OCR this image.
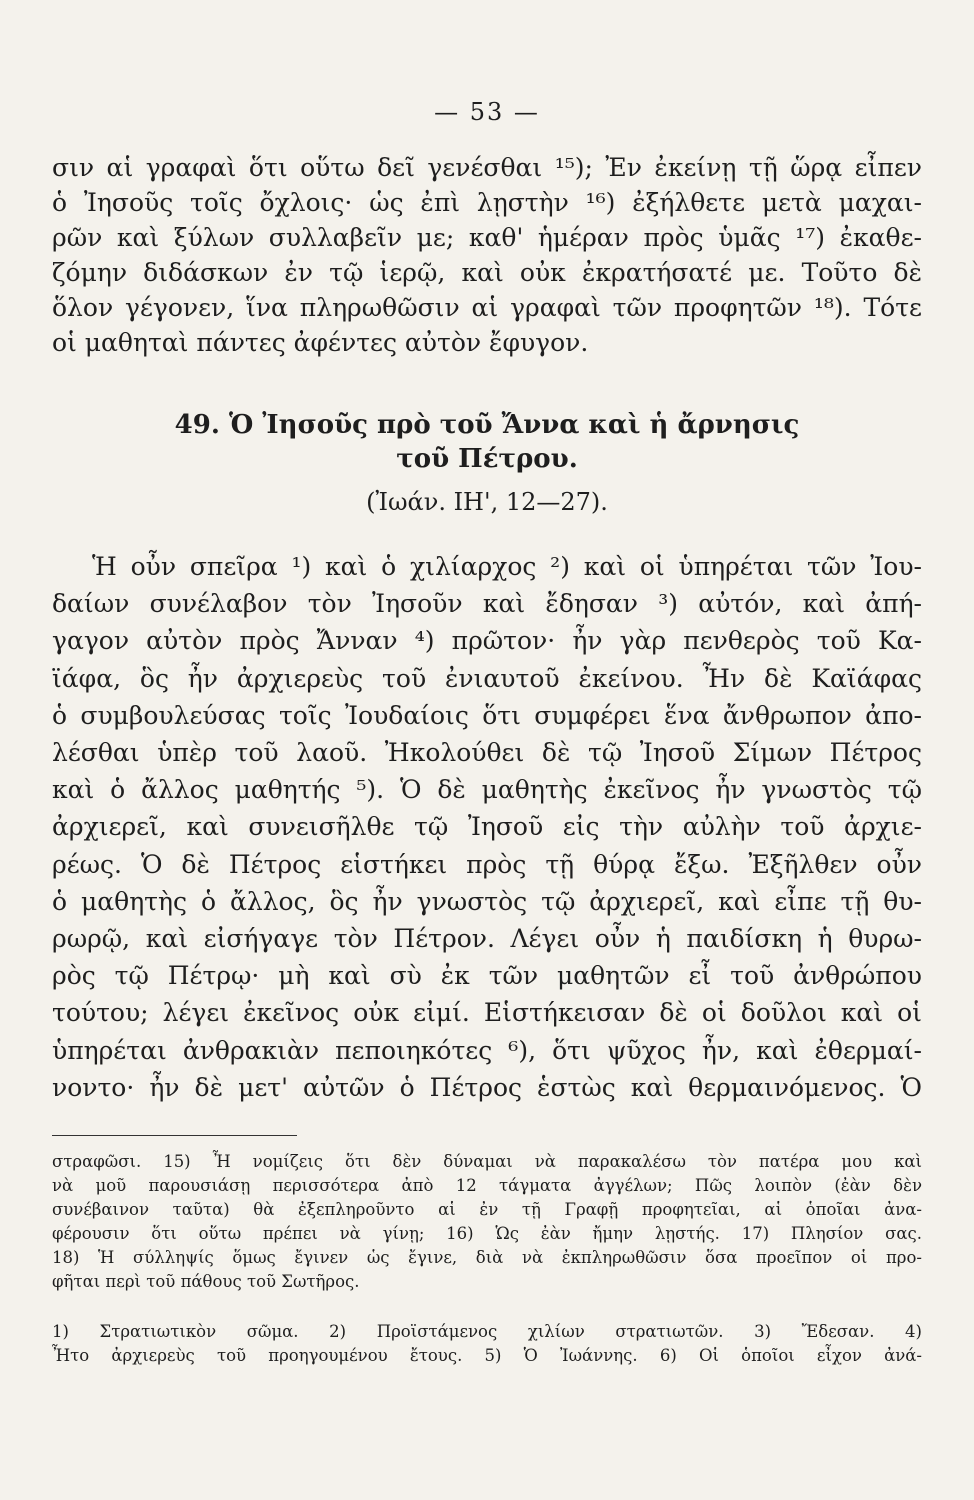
— 53 —
σιν αἱ γραφαὶ ὅτι οὕτω δεῖ γενέσθαι ¹⁵); Ἐν ἐκείνῃ τῇ ὥρᾳ εἶπεν
ὁ Ἰησοῦς τοῖς ὄχλοις· ὡς ἐπὶ λῃστὴν ¹⁶) ἐξήλθετε μετὰ μαχαι-
ρῶν καὶ ξύλων συλλαβεῖν με; καθ' ἡμέραν πρὸς ὑμᾶς ¹⁷) ἐκαθε-
ζόμην διδάσκων ἐν τῷ ἱερῷ, καὶ οὐκ ἐκρατήσατέ με. Τοῦτο δὲ
ὅλον γέγονεν, ἵνα πληρωθῶσιν αἱ γραφαὶ τῶν προφητῶν ¹⁸). Τότε
οἱ μαθηταὶ πάντες ἀφέντες αὐτὸν ἔφυγον.
49. Ὁ Ἰησοῦς πρὸ τοῦ Ἄννα καὶ ἡ ἄρνησις
τοῦ Πέτρου.
(Ἰωάν. ΙΗ', 12—27).
Ἡ οὖν σπεῖρα ¹) καὶ ὁ χιλίαρχος ²) καὶ οἱ ὑπηρέται τῶν Ἰου-
δαίων συνέλαβον τὸν Ἰησοῦν καὶ ἔδησαν ³) αὐτόν, καὶ ἀπή-
γαγον αὐτὸν πρὸς Ἄνναν ⁴) πρῶτον· ἦν γὰρ πενθερὸς τοῦ Κα-
ϊάφα, ὃς ἦν ἀρχιερεὺς τοῦ ἐνιαυτοῦ ἐκείνου. Ἦν δὲ Καϊάφας
ὁ συμβουλεύσας τοῖς Ἰουδαίοις ὅτι συμφέρει ἕνα ἄνθρωπον ἀπο-
λέσθαι ὑπὲρ τοῦ λαοῦ. Ἠκολούθει δὲ τῷ Ἰησοῦ Σίμων Πέτρος
καὶ ὁ ἄλλος μαθητής ⁵). Ὁ δὲ μαθητὴς ἐκεῖνος ἦν γνωστὸς τῷ
ἀρχιερεῖ, καὶ συνεισῆλθε τῷ Ἰησοῦ εἰς τὴν αὐλὴν τοῦ ἀρχιε-
ρέως. Ὁ δὲ Πέτρος εἱστήκει πρὸς τῇ θύρᾳ ἔξω. Ἐξῆλθεν οὖν
ὁ μαθητὴς ὁ ἄλλος, ὃς ἦν γνωστὸς τῷ ἀρχιερεῖ, καὶ εἶπε τῇ θυ-
ρωρῷ, καὶ εἰσήγαγε τὸν Πέτρον. Λέγει οὖν ἡ παιδίσκη ἡ θυρω-
ρὸς τῷ Πέτρῳ· μὴ καὶ σὺ ἐκ τῶν μαθητῶν εἶ τοῦ ἀνθρώπου
τούτου; λέγει ἐκεῖνος οὐκ εἰμί. Εἱστήκεισαν δὲ οἱ δοῦλοι καὶ οἱ
ὑπηρέται ἀνθρακιὰν πεποιηκότες ⁶), ὅτι ψῦχος ἦν, καὶ ἐθερμαί-
νοντο· ἦν δὲ μετ' αὐτῶν ὁ Πέτρος ἑστὼς καὶ θερμαινόμενος. Ὁ
στραφῶσι. 15) Ἦ νομίζεις ὅτι δὲν δύναμαι νὰ παρακαλέσω τὸν πατέρα μου καὶ
νὰ μοῦ παρουσιάσῃ περισσότερα ἀπὸ 12 τάγματα ἀγγέλων; Πῶς λοιπὸν (ἐὰν δὲν
συνέβαινον ταῦτα) θὰ ἐξεπληροῦντο αἱ ἐν τῇ Γραφῇ προφητεῖαι, αἱ ὁποῖαι ἀνα-
φέρουσιν ὅτι οὕτω πρέπει νὰ γίνῃ; 16) Ὡς ἐὰν ἤμην λῃστής. 17) Πλησίον σας.
18) Ἡ σύλληψίς ὅμως ἔγινεν ὡς ἔγινε, διὰ νὰ ἐκπληρωθῶσιν ὅσα προεῖπον οἱ προ-
φῆται περὶ τοῦ πάθους τοῦ Σωτῆρος.
1) Στρατιωτικὸν σῶμα. 2) Προϊστάμενος χιλίων στρατιωτῶν. 3) Ἔδεσαν. 4)
Ἦτο ἀρχιερεὺς τοῦ προηγουμένου ἔτους. 5) Ὁ Ἰωάννης. 6) Οἱ ὁποῖοι εἶχον ἀνά-
